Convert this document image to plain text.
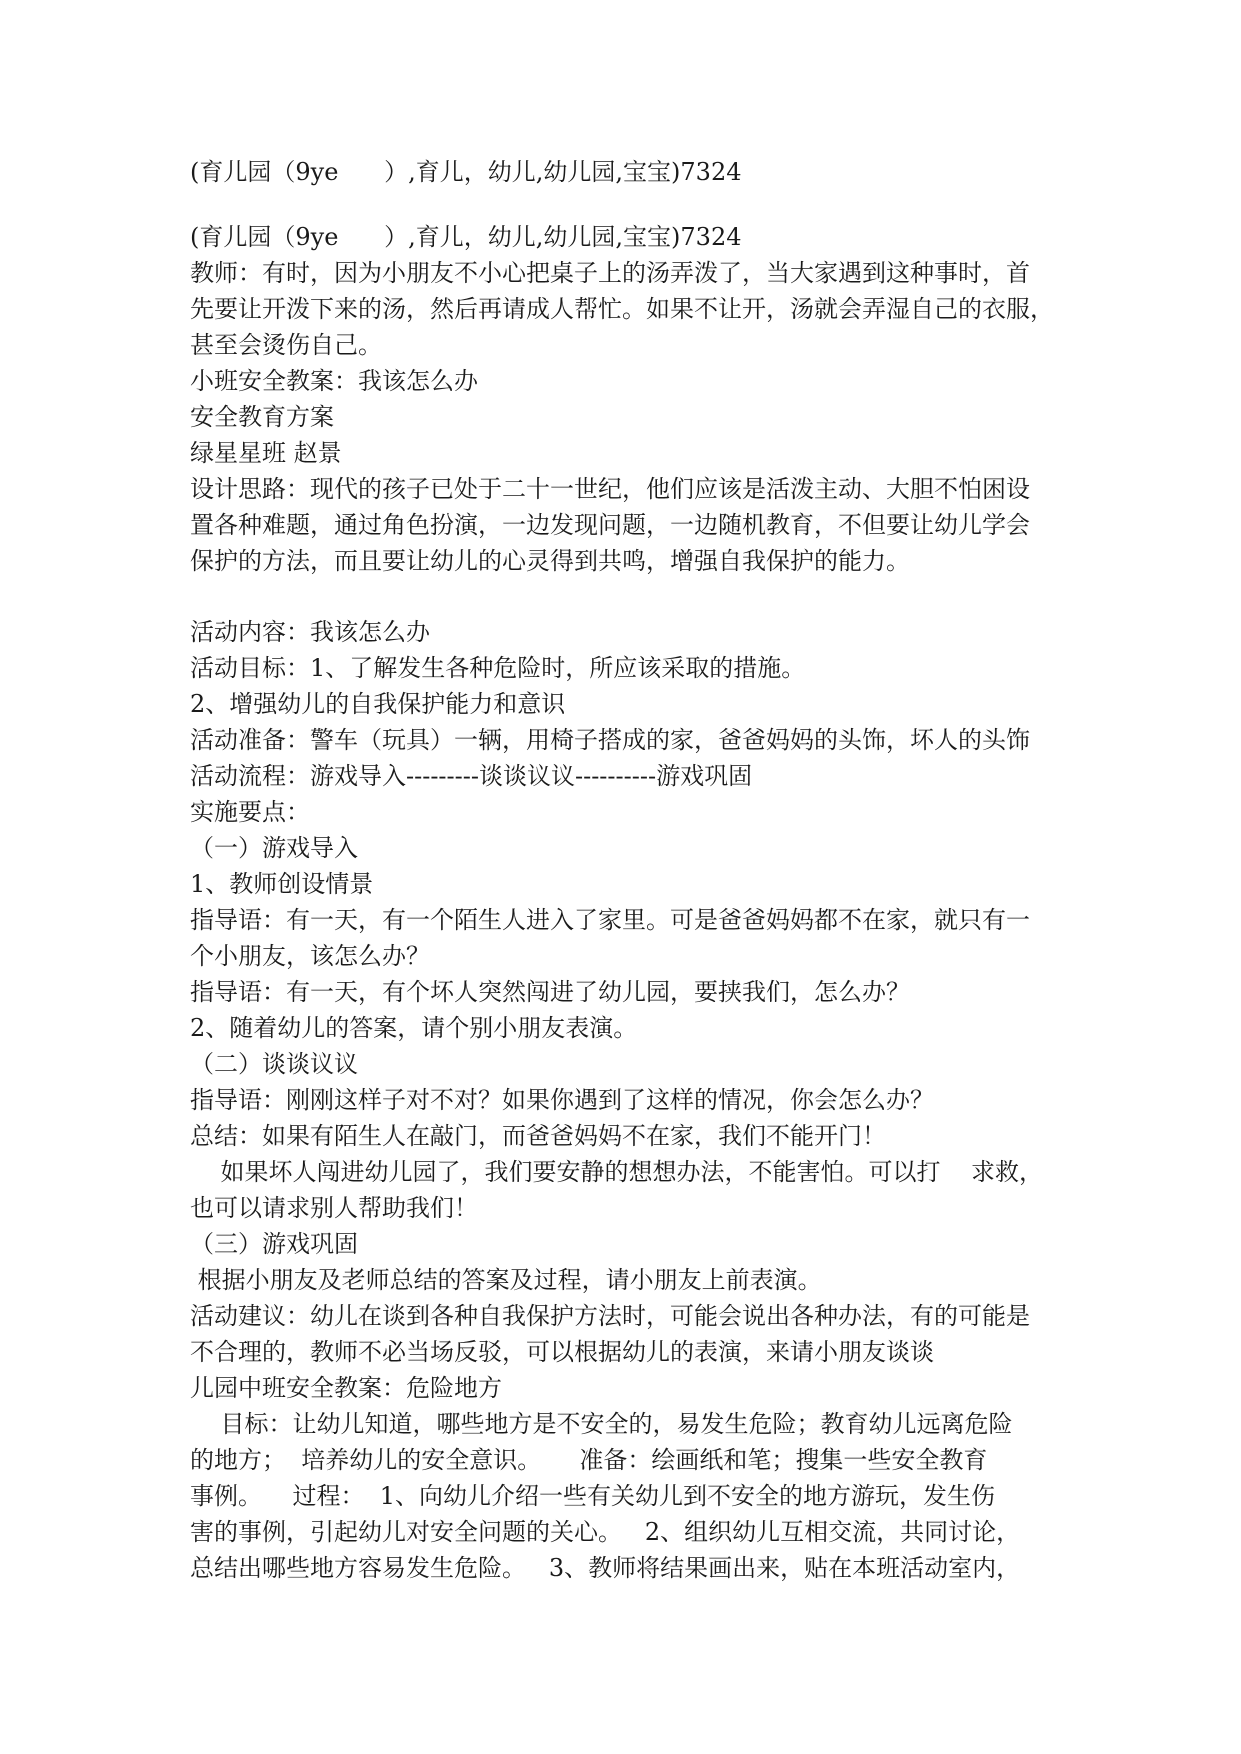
(育儿园（9ye      ）,育儿，幼儿,幼儿园,宝宝)7324
(育儿园（9ye      ）,育儿，幼儿,幼儿园,宝宝)7324
教师：有时，因为小朋友不小心把桌子上的汤弄泼了，当大家遇到这种事时，首
先要让开泼下来的汤，然后再请成人帮忙。如果不让开，汤就会弄湿自己的衣服，
甚至会烫伤自己。
小班安全教案：我该怎么办
安全教育方案
绿星星班 赵景
设计思路：现代的孩子已处于二十一世纪，他们应该是活泼主动、大胆不怕困设
置各种难题，通过角色扮演，一边发现问题，一边随机教育，不但要让幼儿学会
保护的方法，而且要让幼儿的心灵得到共鸣，增强自我保护的能力。
活动内容：我该怎么办
活动目标：1、了解发生各种危险时，所应该采取的措施。
2、增强幼儿的自我保护能力和意识
活动准备：警车（玩具）一辆，用椅子搭成的家，爸爸妈妈的头饰，坏人的头饰
活动流程：游戏导入---------谈谈议议----------游戏巩固
实施要点：
（一）游戏导入
1、教师创设情景
指导语：有一天，有一个陌生人进入了家里。可是爸爸妈妈都不在家，就只有一
个小朋友，该怎么办？
指导语：有一天，有个坏人突然闯进了幼儿园，要挟我们，怎么办？
2、随着幼儿的答案，请个别小朋友表演。
（二）谈谈议议
指导语：刚刚这样子对不对？如果你遇到了这样的情况，你会怎么办？
总结：如果有陌生人在敲门，而爸爸妈妈不在家，我们不能开门！
如果坏人闯进幼儿园了，我们要安静的想想办法，不能害怕。可以打    求救，
也可以请求别人帮助我们！
（三）游戏巩固
根据小朋友及老师总结的答案及过程，请小朋友上前表演。
活动建议：幼儿在谈到各种自我保护方法时，可能会说出各种办法，有的可能是
不合理的，教师不必当场反驳，可以根据幼儿的表演，来请小朋友谈谈
儿园中班安全教案：危险地方
目标：让幼儿知道，哪些地方是不安全的，易发生危险；教育幼儿远离危险
的地方；  培养幼儿的安全意识。     准备：绘画纸和笔；搜集一些安全教育
事例。    过程：  1、向幼儿介绍一些有关幼儿到不安全的地方游玩，发生伤
害的事例，引起幼儿对安全问题的关心。   2、组织幼儿互相交流，共同讨论，
总结出哪些地方容易发生危险。   3、教师将结果画出来，贴在本班活动室内，
